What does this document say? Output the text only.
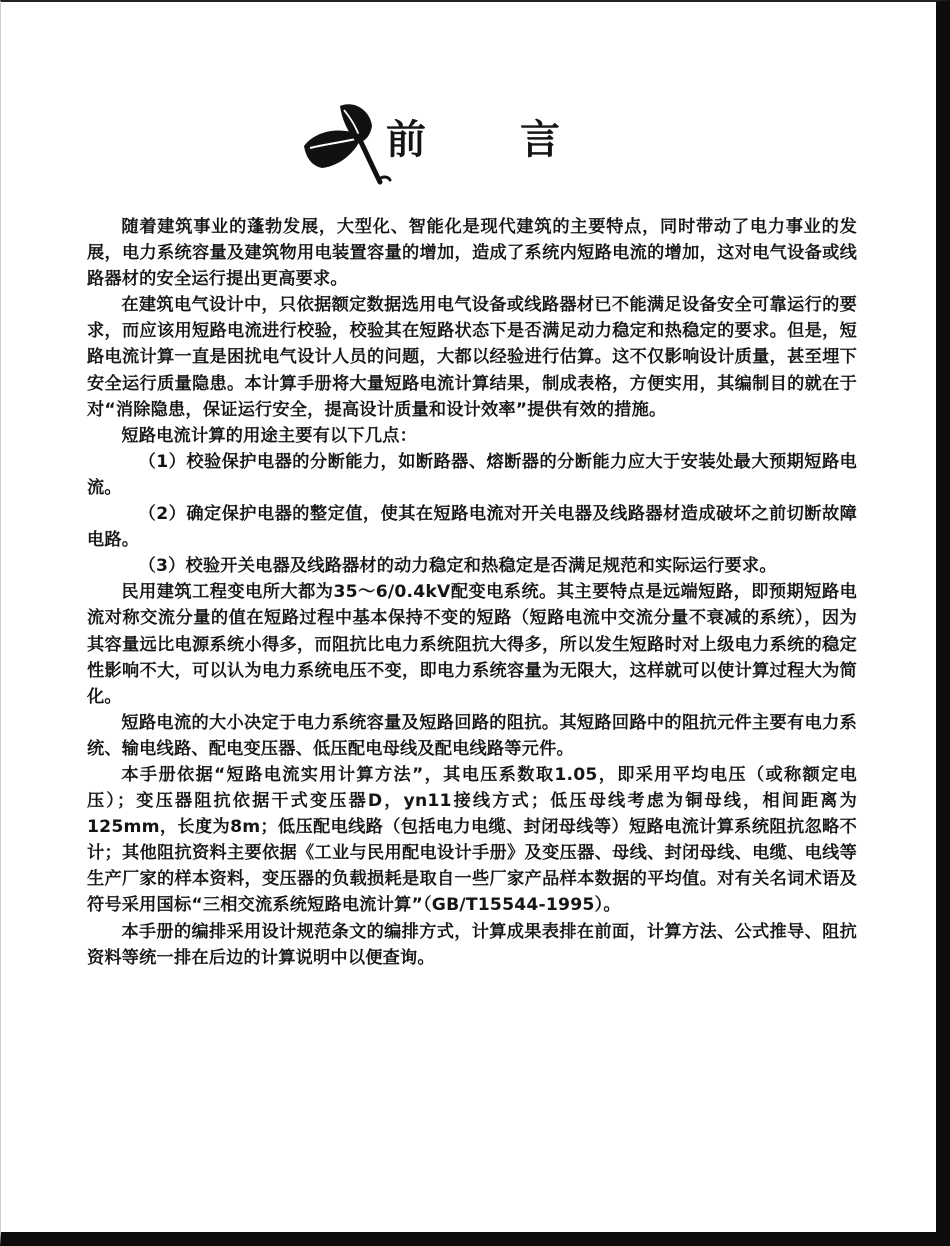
前 言

随着建筑事业的蓬勃发展，大型化、智能化是现代建筑的主要特点，同时带动了电力事业的发展，电力系统容量及建筑物用电装置容量的增加，造成了系统内短路电流的增加，这对电气设备或线路器材的安全运行提出更高要求。

在建筑电气设计中，只依据额定数据选用电气设备或线路器材已不能满足设备安全可靠运行的要求，而应该用短路电流进行校验，校验其在短路状态下是否满足动力稳定和热稳定的要求。但是，短路电流计算一直是困扰电气设计人员的问题，大都以经验进行估算。这不仅影响设计质量，甚至埋下安全运行质量隐患。本计算手册将大量短路电流计算结果，制成表格，方便实用，其编制目的就在于对“消除隐患，保证运行安全，提高设计质量和设计效率”提供有效的措施。

短路电流计算的用途主要有以下几点：

（1）校验保护电器的分断能力，如断路器、熔断器的分断能力应大于安装处最大预期短路电流。

（2）确定保护电器的整定值，使其在短路电流对开关电器及线路器材造成破坏之前切断故障电路。

（3）校验开关电器及线路器材的动力稳定和热稳定是否满足规范和实际运行要求。

民用建筑工程变电所大都为35～6/0.4kV配变电系统。其主要特点是远端短路，即预期短路电流对称交流分量的值在短路过程中基本保持不变的短路（短路电流中交流分量不衰减的系统），因为其容量远比电源系统小得多，而阻抗比电力系统阻抗大得多，所以发生短路时对上级电力系统的稳定性影响不大，可以认为电力系统电压不变，即电力系统容量为无限大，这样就可以使计算过程大为简化。

短路电流的大小决定于电力系统容量及短路回路的阻抗。其短路回路中的阻抗元件主要有电力系统、输电线路、配电变压器、低压配电母线及配电线路等元件。

本手册依据“短路电流实用计算方法”，其电压系数取1.05，即采用平均电压（或称额定电压）；变压器阻抗依据干式变压器D，yn11接线方式；低压母线考虑为铜母线，相间距离为125mm，长度为8m；低压配电线路（包括电力电缆、封闭母线等）短路电流计算系统阻抗忽略不计；其他阻抗资料主要依据《工业与民用配电设计手册》及变压器、母线、封闭母线、电缆、电线等生产厂家的样本资料，变压器的负载损耗是取自一些厂家产品样本数据的平均值。对有关名词术语及符号采用国标“三相交流系统短路电流计算”（GB/T15544-1995）。

本手册的编排采用设计规范条文的编排方式，计算成果表排在前面，计算方法、公式推导、阻抗资料等统一排在后边的计算说明中以便查询。
